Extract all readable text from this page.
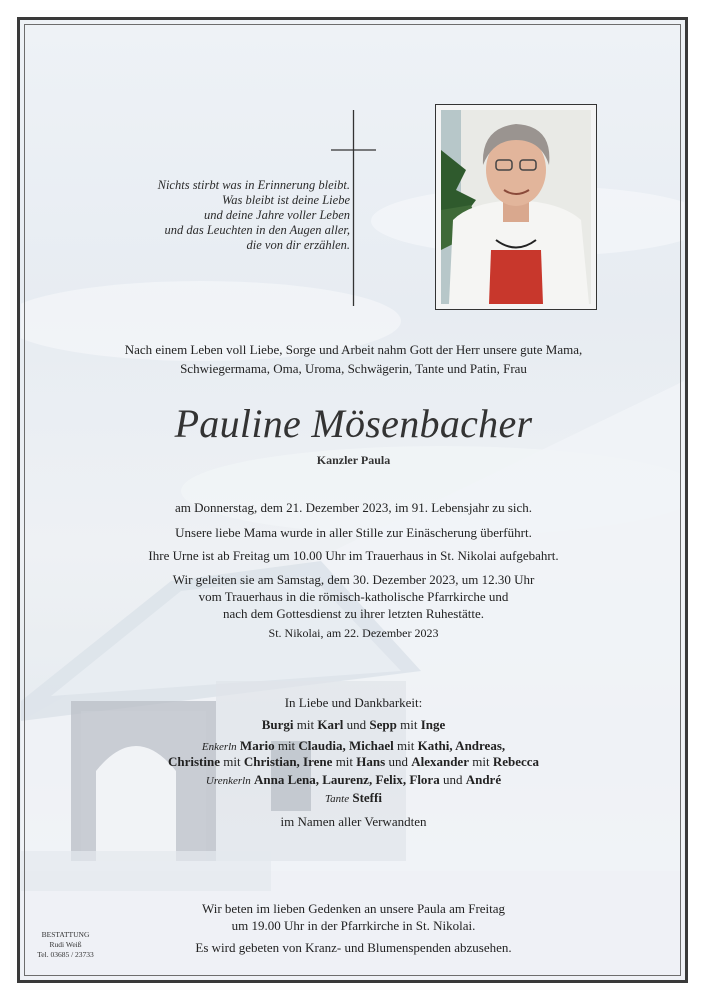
Nichts stirbt was in Erinnerung bleibt.
Was bleibt ist deine Liebe
und deine Jahre voller Leben
und das Leuchten in den Augen aller,
die von dir erzählen.
Nach einem Leben voll Liebe, Sorge und Arbeit nahm Gott der Herr unsere gute Mama,
Schwiegermama, Oma, Uroma, Schwägerin, Tante und Patin, Frau
Pauline Mösenbacher
Kanzler Paula
am Donnerstag, dem 21. Dezember 2023, im 91. Lebensjahr zu sich.
Unsere liebe Mama wurde in aller Stille zur Einäscherung überführt.
Ihre Urne ist ab Freitag um 10.00 Uhr im Trauerhaus in St. Nikolai aufgebahrt.
Wir geleiten sie am Samstag, dem 30. Dezember 2023, um 12.30 Uhr
vom Trauerhaus in die römisch-katholische Pfarrkirche und
nach dem Gottesdienst zu ihrer letzten Ruhestätte.
St. Nikolai, am 22. Dezember 2023
In Liebe und Dankbarkeit:
Burgi mit Karl und Sepp mit Inge
Enkerln Mario mit Claudia, Michael mit Kathi, Andreas,
Christine mit Christian, Irene mit Hans und Alexander mit Rebecca
Urenkerln Anna Lena, Laurenz, Felix, Flora und André
Tante Steffi
im Namen aller Verwandten
Wir beten im lieben Gedenken an unsere Paula am Freitag
um 19.00 Uhr in der Pfarrkirche in St. Nikolai.
Es wird gebeten von Kranz- und Blumenspenden abzusehen.
BESTATTUNG
Rudi Weiß
Tel. 03685 / 23733
